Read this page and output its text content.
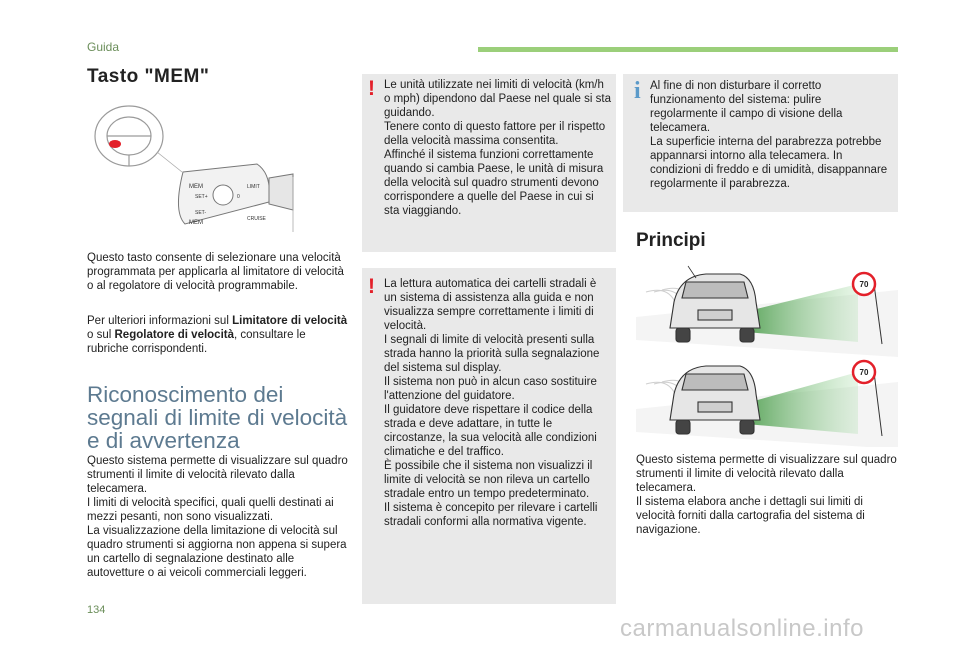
Guida
Tasto "MEM"
MEM
MEM
SET+
SET-
0
LIMIT
CRUISE
Questo tasto consente di selezionare una velocità programmata per applicarla al limitatore di velocità o al regolatore di velocità programmabile.
Per ulteriori informazioni sul Limitatore di velocità o sul Regolatore di velocità, consultare le rubriche corrispondenti.
Riconoscimento dei segnali di limite di velocità e di avvertenza
Questo sistema permette di visualizzare sul quadro strumenti il limite di velocità rilevato dalla telecamera.
I limiti di velocità specifici, quali quelli destinati ai mezzi pesanti, non sono visualizzati.
La visualizzazione della limitazione di velocità sul quadro strumenti si aggiorna non appena si supera un cartello di segnalazione destinato alle autovetture o ai veicoli commerciali leggeri.
! Le unità utilizzate nei limiti di velocità (km/h o mph) dipendono dal Paese nel quale si sta guidando.
Tenere conto di questo fattore per il rispetto della velocità massima consentita.
Affinché il sistema funzioni correttamente quando si cambia Paese, le unità di misura della velocità sul quadro strumenti devono corrispondere a quelle del Paese in cui si sta viaggiando.
! La lettura automatica dei cartelli stradali è un sistema di assistenza alla guida e non visualizza sempre correttamente i limiti di velocità.
I segnali di limite di velocità presenti sulla strada hanno la priorità sulla segnalazione del sistema sul display.
Il sistema non può in alcun caso sostituire l'attenzione del guidatore.
Il guidatore deve rispettare il codice della strada e deve adattare, in tutte le circostanze, la sua velocità alle condizioni climatiche e del traffico.
È possibile che il sistema non visualizzi il limite di velocità se non rileva un cartello stradale entro un tempo predeterminato.
Il sistema è concepito per rilevare i cartelli stradali conformi alla normativa vigente.
i Al fine di non disturbare il corretto funzionamento del sistema: pulire regolarmente il campo di visione della telecamera.
La superficie interna del parabrezza potrebbe appannarsi intorno alla telecamera. In condizioni di freddo e di umidità, disappannare regolarmente il parabrezza.
Principi
70
70
Questo sistema permette di visualizzare sul quadro strumenti il limite di velocità rilevato dalla telecamera.
Il sistema elabora anche i dettagli sui limiti di velocità forniti dalla cartografia del sistema di navigazione.
134
carmanualsonline.info
